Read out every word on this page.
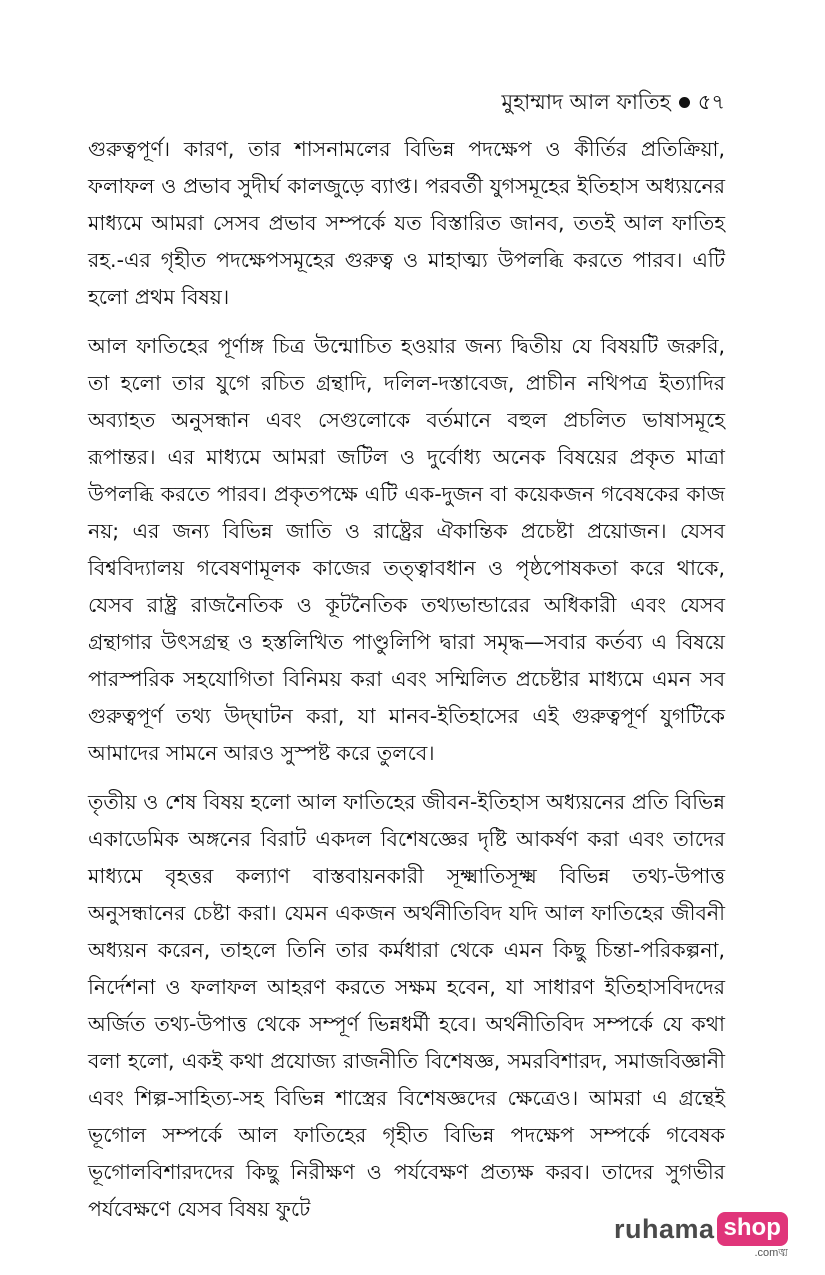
মুহাম্মাদ আল ফাতিহ ৫৭

গুরুত্বপূর্ণ। কারণ, তার শাসনামলের বিভিন্ন পদক্ষেপ ও কীর্তির প্রতিক্রিয়া, ফলাফল ও প্রভাব সুদীর্ঘ কালজুড়ে ব্যাপ্ত। পরবর্তী যুগসমূহের ইতিহাস অধ্যয়নের মাধ্যমে আমরা সেসব প্রভাব সম্পর্কে যত বিস্তারিত জানব, ততই আল ফাতিহ রহ.-এর গৃহীত পদক্ষেপসমূহের গুরুত্ব ও মাহাত্ম্য উপলব্ধি করতে পারব। এটি হলো প্রথম বিষয়।

আল ফাতিহের পূর্ণাঙ্গ চিত্র উন্মোচিত হওয়ার জন্য দ্বিতীয় যে বিষয়টি জরুরি, তা হলো তার যুগে রচিত গ্রন্থাদি, দলিল-দস্তাবেজ, প্রাচীন নথিপত্র ইত্যাদির অব্যাহত অনুসন্ধান এবং সেগুলোকে বর্তমানে বহুল প্রচলিত ভাষাসমূহে রূপান্তর। এর মাধ্যমে আমরা জটিল ও দুর্বোধ্য অনেক বিষয়ের প্রকৃত মাত্রা উপলব্ধি করতে পারব। প্রকৃতপক্ষে এটি এক-দুজন বা কয়েকজন গবেষকের কাজ নয়; এর জন্য বিভিন্ন জাতি ও রাষ্ট্রের ঐকান্তিক প্রচেষ্টা প্রয়োজন। যেসব বিশ্ববিদ্যালয় গবেষণামূলক কাজের তত্ত্বাবধান ও পৃষ্ঠপোষকতা করে থাকে, যেসব রাষ্ট্র রাজনৈতিক ও কূটনৈতিক তথ্যভান্ডারের অধিকারী এবং যেসব গ্রন্থাগার উৎসগ্রন্থ ও হস্তলিখিত পাণ্ডুলিপি দ্বারা সমৃদ্ধ—সবার কর্তব্য এ বিষয়ে পারস্পরিক সহযোগিতা বিনিময় করা এবং সম্মিলিত প্রচেষ্টার মাধ্যমে এমন সব গুরুত্বপূর্ণ তথ্য উদ্‌ঘাটন করা, যা মানব-ইতিহাসের এই গুরুত্বপূর্ণ যুগটিকে আমাদের সামনে আরও সুস্পষ্ট করে তুলবে।

তৃতীয় ও শেষ বিষয় হলো আল ফাতিহের জীবন-ইতিহাস অধ্যয়নের প্রতি বিভিন্ন একাডেমিক অঙ্গনের বিরাট একদল বিশেষজ্ঞের দৃষ্টি আকর্ষণ করা এবং তাদের মাধ্যমে বৃহত্তর কল্যাণ বাস্তবায়নকারী সূক্ষ্মাতিসূক্ষ্ম বিভিন্ন তথ্য-উপাত্ত অনুসন্ধানের চেষ্টা করা। যেমন একজন অর্থনীতিবিদ যদি আল ফাতিহের জীবনী অধ্যয়ন করেন, তাহলে তিনি তার কর্মধারা থেকে এমন কিছু চিন্তা-পরিকল্পনা, নির্দেশনা ও ফলাফল আহরণ করতে সক্ষম হবেন, যা সাধারণ ইতিহাসবিদদের অর্জিত তথ্য-উপাত্ত থেকে সম্পূর্ণ ভিন্নধর্মী হবে। অর্থনীতিবিদ সম্পর্কে যে কথা বলা হলো, একই কথা প্রযোজ্য রাজনীতি বিশেষজ্ঞ, সমরবিশারদ, সমাজবিজ্ঞানী এবং শিল্প-সাহিত্য-সহ বিভিন্ন শাস্ত্রের বিশেষজ্ঞদের ক্ষেত্রেও। আমরা এ গ্রন্থেই ভূগোল সম্পর্কে আল ফাতিহের গৃহীত বিভিন্ন পদক্ষেপ সম্পর্কে গবেষক ভূগোলবিশারদদের কিছু নিরীক্ষণ ও পর্যবেক্ষণ প্রত্যক্ষ করব। তাদের সুগভীর পর্যবেক্ষণে যেসব বিষয় ফুটে

ruhama shop
.comঙ্ম
